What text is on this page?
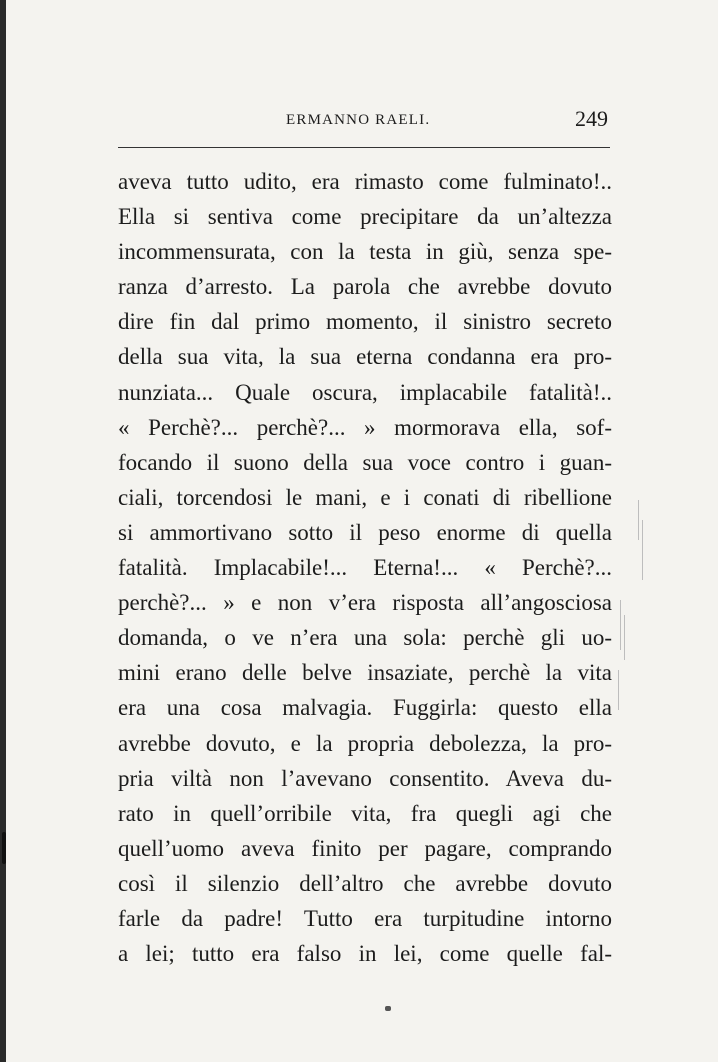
ERMANNO RAELI.	249
aveva tutto udito, era rimasto come fulminato!..
Ella si sentiva come precipitare da un’altezza
incommensurata, con la testa in giù, senza spe-
ranza d’arresto. La parola che avrebbe dovuto
dire fin dal primo momento, il sinistro secreto
della sua vita, la sua eterna condanna era pro-
nunziata... Quale oscura, implacabile fatalità!..
« Perchè?... perchè?... » mormorava ella, sof-
focando il suono della sua voce contro i guan-
ciali, torcendosi le mani, e i conati di ribellione
si ammortivano sotto il peso enorme di quella
fatalità. Implacabile!... Eterna!... « Perchè?...
perchè?... » e non v’era risposta all’angosciosa
domanda, o ve n’era una sola: perchè gli uo-
mini erano delle belve insaziate, perchè la vita
era una cosa malvagia. Fuggirla: questo ella
avrebbe dovuto, e la propria debolezza, la pro-
pria viltà non l’avevano consentito. Aveva du-
rato in quell’orribile vita, fra quegli agi che
quell’uomo aveva finito per pagare, comprando
così il silenzio dell’altro che avrebbe dovuto
farle da padre! Tutto era turpitudine intorno
a lei; tutto era falso in lei, come quelle fal-
